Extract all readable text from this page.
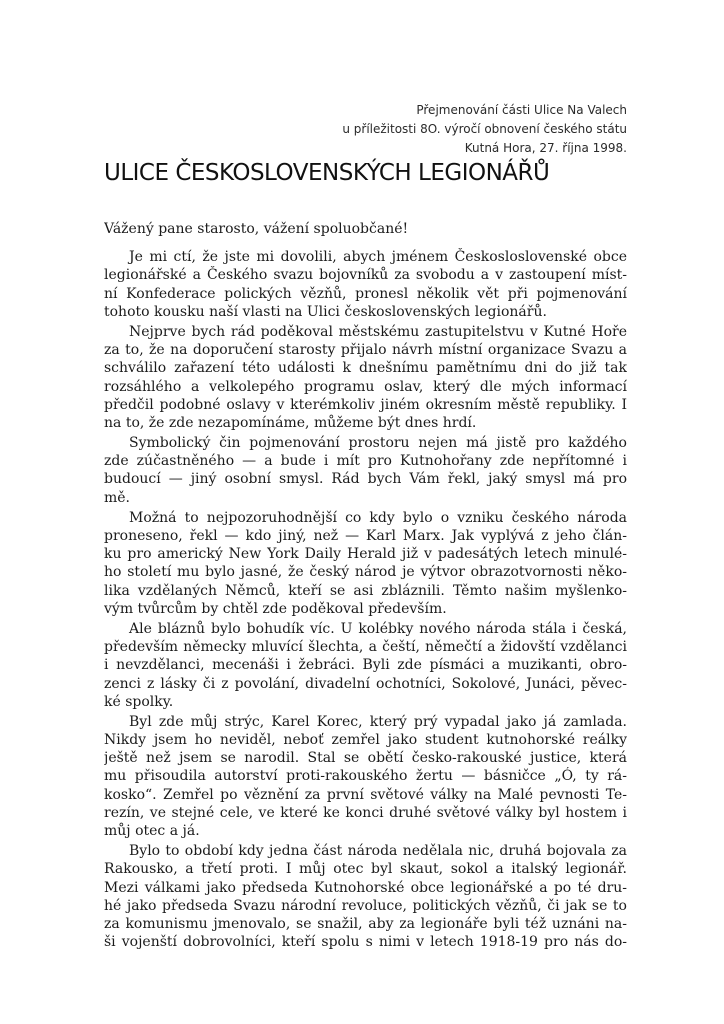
Přejmenování části Ulice Na Valech
u příležitosti 8O. výročí obnovení českého státu
Kutná Hora, 27. října 1998.
ULICE ČESKOSLOVENSKÝCH LEGIONÁŘŮ

Vážený pane starosto, vážení spoluobčané!

Je mi ctí, že jste mi dovolili, abych jménem Českosloslovenské obce
legionářské a Českého svazu bojovníků za svobodu a v zastoupení míst-
ní Konfederace polických vězňů, pronesl několik vět při pojmenování
tohoto kousku naší vlasti na Ulici československých legionářů.
Nejprve bych rád poděkoval městskému zastupitelstvu v Kutné Hoře
za to, že na doporučení starosty přijalo návrh místní organizace Svazu a
schválilo zařazení této události k dnešnímu pamětnímu dni do již tak
rozsáhlého a velkolepého programu oslav, který dle mých informací
předčil podobné oslavy v kterémkoliv jiném okresním městě republiky. I
na to, že zde nezapomínáme, můžeme být dnes hrdí.
Symbolický čin pojmenování prostoru nejen má jistě pro každého
zde zúčastněného — a bude i mít pro Kutnohořany zde nepřítomné i
budoucí — jiný osobní smysl. Rád bych Vám řekl, jaký smysl má pro
mě.
Možná to nejpozoruhodnější co kdy bylo o vzniku českého národa
proneseno, řekl — kdo jiný, než — Karl Marx. Jak vyplývá z jeho člán-
ku pro americký New York Daily Herald již v padesátých letech minulé-
ho století mu bylo jasné, že český národ je výtvor obrazotvornosti něko-
lika vzdělaných Němců, kteří se asi zbláznili. Těmto našim myšlenko-
vým tvůrcům by chtěl zde poděkoval především.
Ale bláznů bylo bohudík víc. U kolébky nového národa stála i česká,
především německy mluvící šlechta, a čeští, němečtí a židovští vzdělanci
i nevzdělanci, mecenáši i žebráci. Byli zde písmáci a muzikanti, obro-
zenci z lásky či z povolání, divadelní ochotníci, Sokolové, Junáci, pěvec-
ké spolky.
Byl zde můj strýc, Karel Korec, který prý vypadal jako já zamlada.
Nikdy jsem ho neviděl, neboť zemřel jako student kutnohorské reálky
ještě než jsem se narodil. Stal se obětí česko-rakouské justice, která
mu přisoudila autorství proti-rakouského žertu — básničce „Ó, ty rá-
kosko“. Zemřel po věznění za první světové války na Malé pevnosti Te-
rezín, ve stejné cele, ve které ke konci druhé světové války byl hostem i
můj otec a já.
Bylo to období kdy jedna část národa nedělala nic, druhá bojovala za
Rakousko, a třetí proti. I můj otec byl skaut, sokol a italský legionář.
Mezi válkami jako předseda Kutnohorské obce legionářské a po té dru-
hé jako předseda Svazu národní revoluce, politických vězňů, či jak se to
za komunismu jmenovalo, se snažil, aby za legionáře byli též uznáni na-
ši vojenští dobrovolníci, kteří spolu s nimi v letech 1918-19 pro nás do-
